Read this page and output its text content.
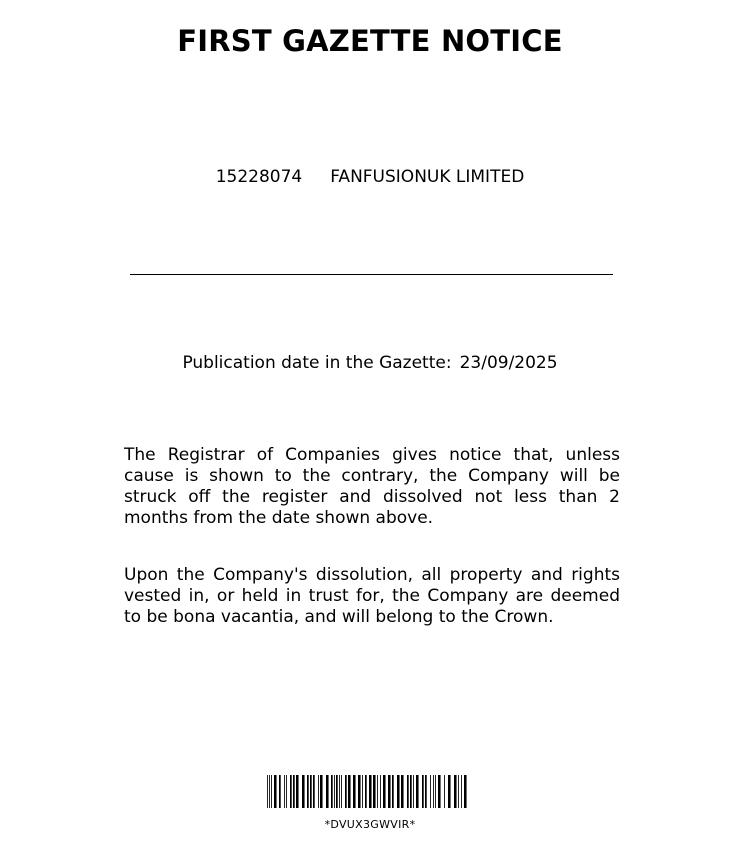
FIRST GAZETTE NOTICE
15228074 FANFUSIONUK LIMITED
Publication date in the Gazette: 23/09/2025

The Registrar of Companies gives notice that, unless cause is shown to the contrary, the Company will be struck off the register and dissolved not less than 2 months from the date shown above.

Upon the Company's dissolution, all property and rights vested in, or held in trust for, the Company are deemed to be bona vacantia, and will belong to the Crown.

*DVUX3GWVIR*
